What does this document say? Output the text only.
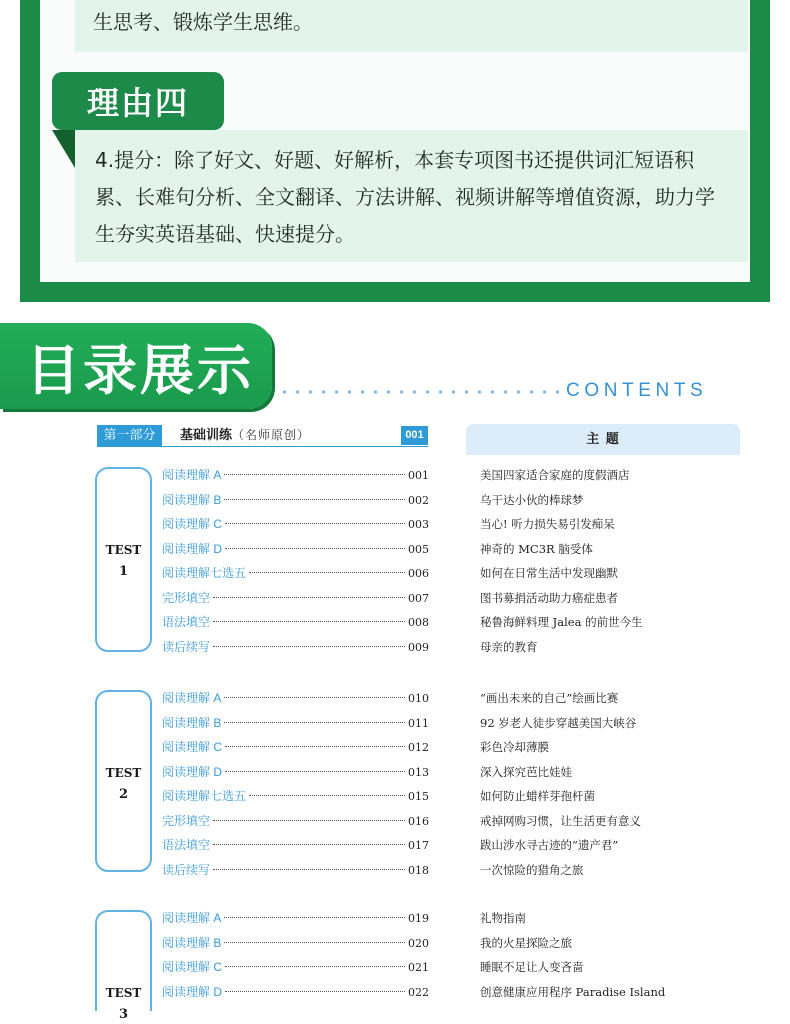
生思考、锻炼学生思维。
理由四
4.提分：除了好文、好题、好解析，本套专项图书还提供词汇短语积累、长难句分析、全文翻译、方法讲解、视频讲解等增值资源，助力学生夯实英语基础、快速提分。
目录展示	CONTENTS
第一部分	基础训练（名师原创）	001	主 题
TEST
1
阅读理解 A	001	美国四家适合家庭的度假酒店
阅读理解 B	002	乌干达小伙的棒球梦
阅读理解 C	003	当心! 听力损失易引发痴呆
阅读理解 D	005	神奇的 MC3R 脑受体
阅读理解七选五	006	如何在日常生活中发现幽默
完形填空	007	图书募捐活动助力癌症患者
语法填空	008	秘鲁海鲜料理 Jalea 的前世今生
读后续写	009	母亲的教育
TEST
2
阅读理解 A	010	“画出未来的自己”绘画比赛
阅读理解 B	011	92 岁老人徒步穿越美国大峡谷
阅读理解 C	012	彩色冷却薄膜
阅读理解 D	013	深入探究芭比娃娃
阅读理解七选五	015	如何防止蜡样芽孢杆菌
完形填空	016	戒掉网购习惯，让生活更有意义
语法填空	017	跋山涉水寻古迹的“遗产君”
读后续写	018	一次惊险的猎角之旅
TEST
3
阅读理解 A	019	礼物指南
阅读理解 B	020	我的火星探险之旅
阅读理解 C	021	睡眠不足让人变吝啬
阅读理解 D	022	创意健康应用程序 Paradise Island
